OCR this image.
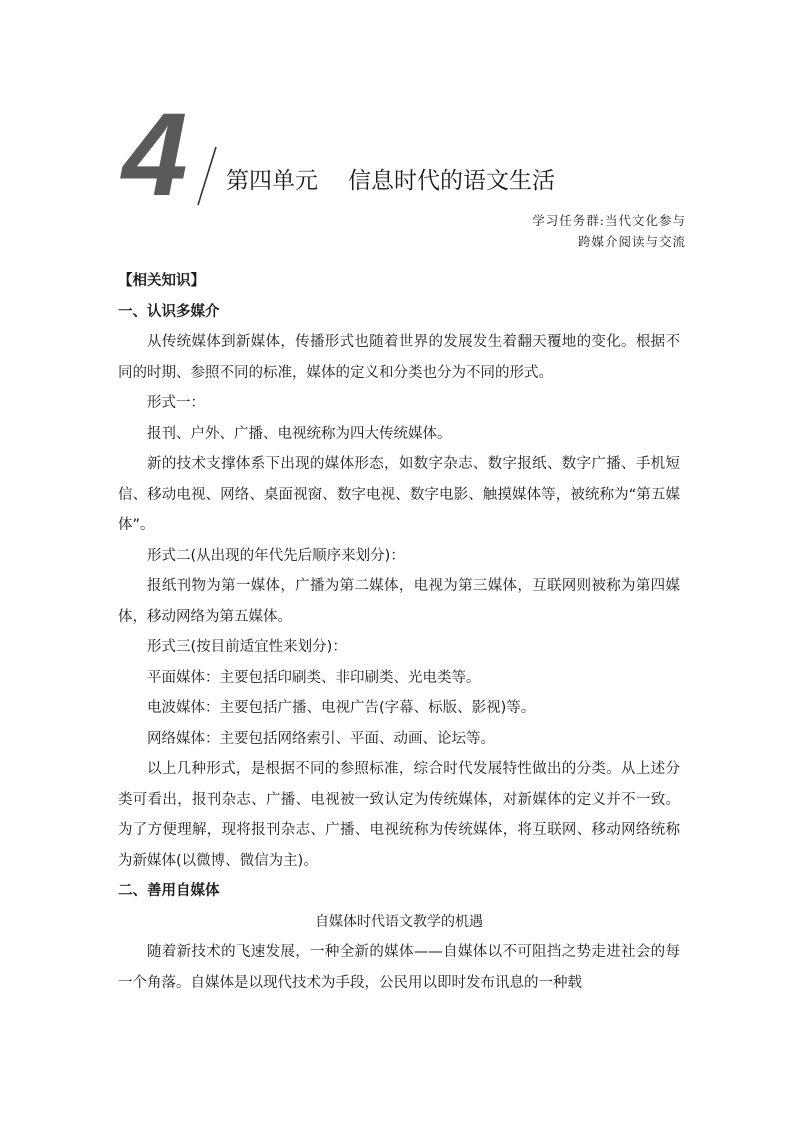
4 第四单元 信息时代的语文生活
学习任务群:当代文化参与
跨媒介阅读与交流

【相关知识】

一、认识多媒介

从传统媒体到新媒体，传播形式也随着世界的发展发生着翻天覆地的变化。根据不同的时期、参照不同的标准，媒体的定义和分类也分为不同的形式。

形式一：

报刊、户外、广播、电视统称为四大传统媒体。

新的技术支撑体系下出现的媒体形态，如数字杂志、数字报纸、数字广播、手机短信、移动电视、网络、桌面视窗、数字电视、数字电影、触摸媒体等，被统称为“第五媒体”。

形式二(从出现的年代先后顺序来划分)：

报纸刊物为第一媒体，广播为第二媒体，电视为第三媒体，互联网则被称为第四媒体，移动网络为第五媒体。

形式三(按目前适宜性来划分)：

平面媒体：主要包括印刷类、非印刷类、光电类等。

电波媒体：主要包括广播、电视广告(字幕、标版、影视)等。

网络媒体：主要包括网络索引、平面、动画、论坛等。

以上几种形式，是根据不同的参照标准，综合时代发展特性做出的分类。从上述分类可看出，报刊杂志、广播、电视被一致认定为传统媒体，对新媒体的定义并不一致。为了方便理解，现将报刊杂志、广播、电视统称为传统媒体，将互联网、移动网络统称为新媒体(以微博、微信为主)。

二、善用自媒体

自媒体时代语文教学的机遇

随着新技术的飞速发展，一种全新的媒体——自媒体以不可阻挡之势走进社会的每一个角落。自媒体是以现代技术为手段，公民用以即时发布讯息的一种载
